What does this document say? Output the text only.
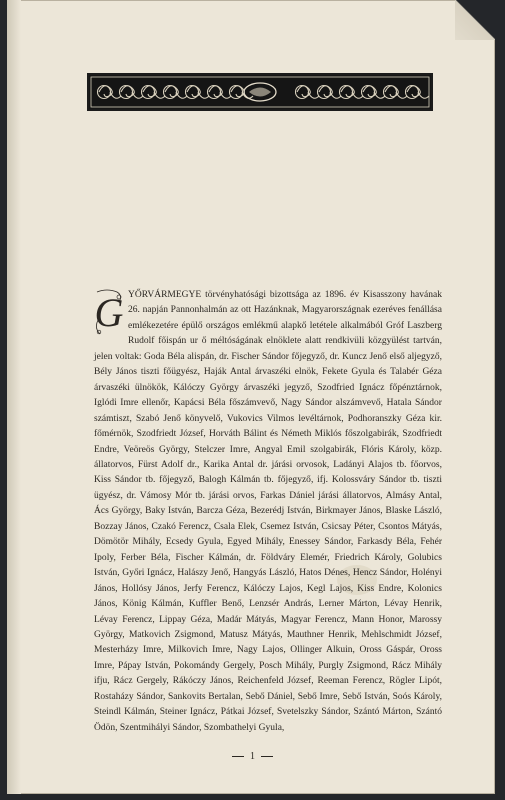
G YŐRVÁRMEGYE törvényhatósági bizottsága az 1896. év Kisasszony havának 26. napján Pannonhalmán az ott Hazánknak, Magyarországnak ezeréves fenállása emlékezetére épülő országos emlékmű alapkő letétele alkalmából Gróf Laszberg Rudolf főispán ur ő méltóságának elnöklete alatt rendkivüli közgyülést tartván, jelen voltak: Goda Béla alispán, dr. Fischer Sándor főjegyző, dr. Kuncz Jenő első aljegyző, Bély János tiszti főügyész, Haják Antal árvaszéki elnök, Fekete Gyula és Talabér Géza árvaszéki ülnökök, Kálóczy György árvaszéki jegyző, Szodfried Ignácz főpénztárnok, Iglódi Imre ellenőr, Kapácsi Béla főszámvevő, Nagy Sándor alszámvevő, Hatala Sándor számtiszt, Szabó Jenő könyvelő, Vukovics Vilmos levéltárnok, Podhoranszky Géza kir. főmérnök, Szodfriedt József, Horváth Bálint és Németh Miklós főszolgabirák, Szodfriedt Endre, Veöreös György, Stelczer Imre, Angyal Emil szolgabirák, Flóris Károly, közp. állatorvos, Fürst Adolf dr., Karika Antal dr. járási orvosok, Ladányi Alajos tb. főorvos, Kiss Sándor tb. főjegyző, Balogh Kálmán tb. főjegyző, ifj. Kolossváry Sándor tb. tiszti ügyész, dr. Vámosy Mór tb. járási orvos, Farkas Dániel járási állatorvos, Almásy Antal, Ács György, Baky István, Barcza Géza, Bezerédj István, Birkmayer János, Blaske László, Bozzay János, Czakó Ferencz, Csala Elek, Csemez István, Csicsay Péter, Csontos Mátyás, Dömötör Mihály, Ecsedy Gyula, Egyed Mihály, Enessey Sándor, Farkasdy Béla, Fehér Ipoly, Ferber Béla, Fischer Kálmán, dr. Földváry Elemér, Friedrich Károly, Golubics István, Győri Ignácz, Halászy Jenő, Hangyás László, Hatos Dénes, Hencz Sándor, Holényi János, Hollósy János, Jerfy Ferencz, Kálóczy Lajos, Kegl Lajos, Kiss Endre, Kolonics János, König Kálmán, Kuffler Benő, Lenzsér András, Lerner Márton, Lévay Henrik, Lévay Ferencz, Lippay Géza, Madár Mátyás, Magyar Ferencz, Mann Honor, Marossy György, Matkovich Zsigmond, Matusz Mátyás, Mauthner Henrik, Mehlschmidt József, Mesterházy Imre, Milkovich Imre, Nagy Lajos, Ollinger Alkuin, Oross Gáspár, Oross Imre, Pápay István, Pokomándy Gergely, Posch Mihály, Purgly Zsigmond, Rácz Mihály ifju, Rácz Gergely, Rákóczy János, Reichenfeld József, Reeman Ferencz, Rögler Lipót, Rostaházy Sándor, Sankovits Bertalan, Sebő Dániel, Sebő Imre, Sebő István, Soós Károly, Steindl Kálmán, Steiner Ignácz, Pátkai József, Svetelszky Sándor, Szántó Márton, Szántó Ödön, Szentmihályi Sándor, Szombathelyi Gyula,
1
